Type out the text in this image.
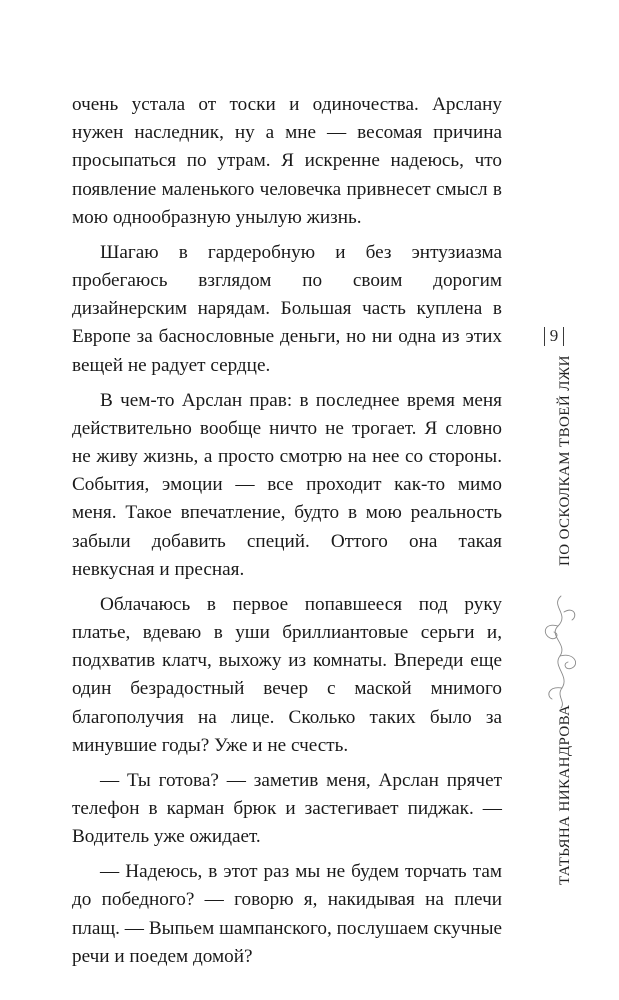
очень устала от тоски и одиночества. Арслану нужен наследник, ну а мне — весомая причина просыпаться по утрам. Я искренне надеюсь, что появление маленького человечка привнесет смысл в мою однообразную унылую жизнь.

Шагаю в гардеробную и без энтузиазма пробегаюсь взглядом по своим дорогим дизайнерским нарядам. Большая часть куплена в Европе за баснословные деньги, но ни одна из этих вещей не радует сердце.

В чем-то Арслан прав: в последнее время меня действительно вообще ничто не трогает. Я словно не живу жизнь, а просто смотрю на нее со стороны. События, эмоции — все проходит как-то мимо меня. Такое впечатление, будто в мою реальность забыли добавить специй. Оттого она такая невкусная и пресная.

Облачаюсь в первое попавшееся под руку платье, вдеваю в уши бриллиантовые серьги и, подхватив клатч, выхожу из комнаты. Впереди еще один безрадостный вечер с маской мнимого благополучия на лице. Сколько таких было за минувшие годы? Уже и не счесть.

— Ты готова? — заметив меня, Арслан прячет телефон в карман брюк и застегивает пиджак. — Водитель уже ожидает.

— Надеюсь, в этот раз мы не будем торчать там до победного? — говорю я, накидывая на плечи плащ. — Выпьем шампанского, послушаем скучные речи и поедем домой?

9
ПО ОСКОЛКАМ ТВОЕЙ ЛЖИ
ТАТЬЯНА НИКАНДРОВА
